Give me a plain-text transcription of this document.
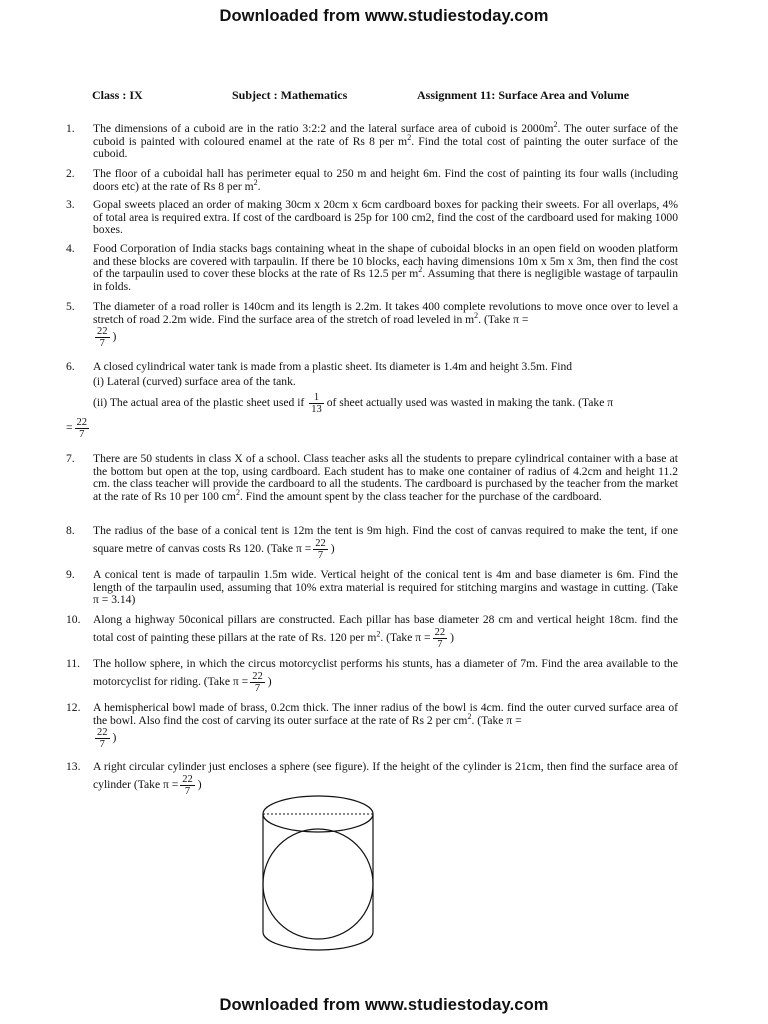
Downloaded from www.studiestoday.com
Class : IX	Subject : Mathematics	Assignment 11: Surface Area and Volume
1. The dimensions of a cuboid are in the ratio 3:2:2 and the lateral surface area of cuboid is $2000m^2$. The outer surface of the cuboid is painted with coloured enamel at the rate of Rs 8 per $m^2$. Find the total cost of painting the outer surface of the cuboid.
2. The floor of a cuboidal hall has perimeter equal to 250 m and height 6m. Find the cost of painting its four walls (including doors etc) at the rate of Rs 8 per $m^2$.
3. Gopal sweets placed an order of making 30cm x 20cm x 6cm cardboard boxes for packing their sweets. For all overlaps, 4% of total area is required extra. If cost of the cardboard is 25p for 100 cm2, find the cost of the cardboard used for making 1000 boxes.
4. Food Corporation of India stacks bags containing wheat in the shape of cuboidal blocks in an open field on wooden platform and these blocks are covered with tarpaulin. If there be 10 blocks, each having dimensions 10m x 5m x 3m, then find the cost of the tarpaulin used to cover these blocks at the rate of Rs 12.5 per $m^2$. Assuming that there is negligible wastage of tarpaulin in folds.
5. The diameter of a road roller is 140cm and its length is 2.2m. It takes 400 complete revolutions to move once over to level a stretch of road 2.2m wide. Find the surface area of the stretch of road leveled in $m^2$. (Take π =
$\frac{22}{7}$ )
6. A closed cylindrical water tank is made from a plastic sheet. Its diameter is 1.4m and height 3.5m. Find
(i) Lateral (curved) surface area of the tank.
(ii) The actual area of the plastic sheet used if $\frac{1}{13}$ of sheet actually used was wasted in making the tank. (Take π
= $\frac{22}{7}$
7. There are 50 students in class X of a school. Class teacher asks all the students to prepare cylindrical container with a base at the bottom but open at the top, using cardboard. Each student has to make one container of radius of 4.2cm and height 11.2 cm. the class teacher will provide the cardboard to all the students. The cardboard is purchased by the teacher from the market at the rate of Rs 10 per 100 $cm^2$. Find the amount spent by the class teacher for the purchase of the cardboard.
8. The radius of the base of a conical tent is 12m the tent is 9m high. Find the cost of canvas required to make the tent, if one square metre of canvas costs Rs 120. (Take $\pi = \frac{22}{7}$ )
9. A conical tent is made of tarpaulin 1.5m wide. Vertical height of the conical tent is 4m and base diameter is 6m. Find the length of the tarpaulin used, assuming that 10% extra material is required for stitching margins and wastage in cutting. (Take π = 3.14)
10. Along a highway 50conical pillars are constructed. Each pillar has base diameter 28 cm and vertical height 18cm. find the total cost of painting these pillars at the rate of Rs. 120 per $m^2$. (Take $\pi = \frac{22}{7}$ )
11. The hollow sphere, in which the circus motorcyclist performs his stunts, has a diameter of 7m. Find the area available to the motorcyclist for riding. (Take $\pi = \frac{22}{7}$ )
12. A hemispherical bowl made of brass, 0.2cm thick. The inner radius of the bowl is 4cm. find the outer curved surface area of the bowl. Also find the cost of carving its outer surface at the rate of Rs 2 per $cm^2$. (Take π =
$\frac{22}{7}$ )
13. A right circular cylinder just encloses a sphere (see figure). If the height of the cylinder is 21cm, then find the surface area of cylinder (Take $\pi = \frac{22}{7}$ )
Downloaded from www.studiestoday.com
